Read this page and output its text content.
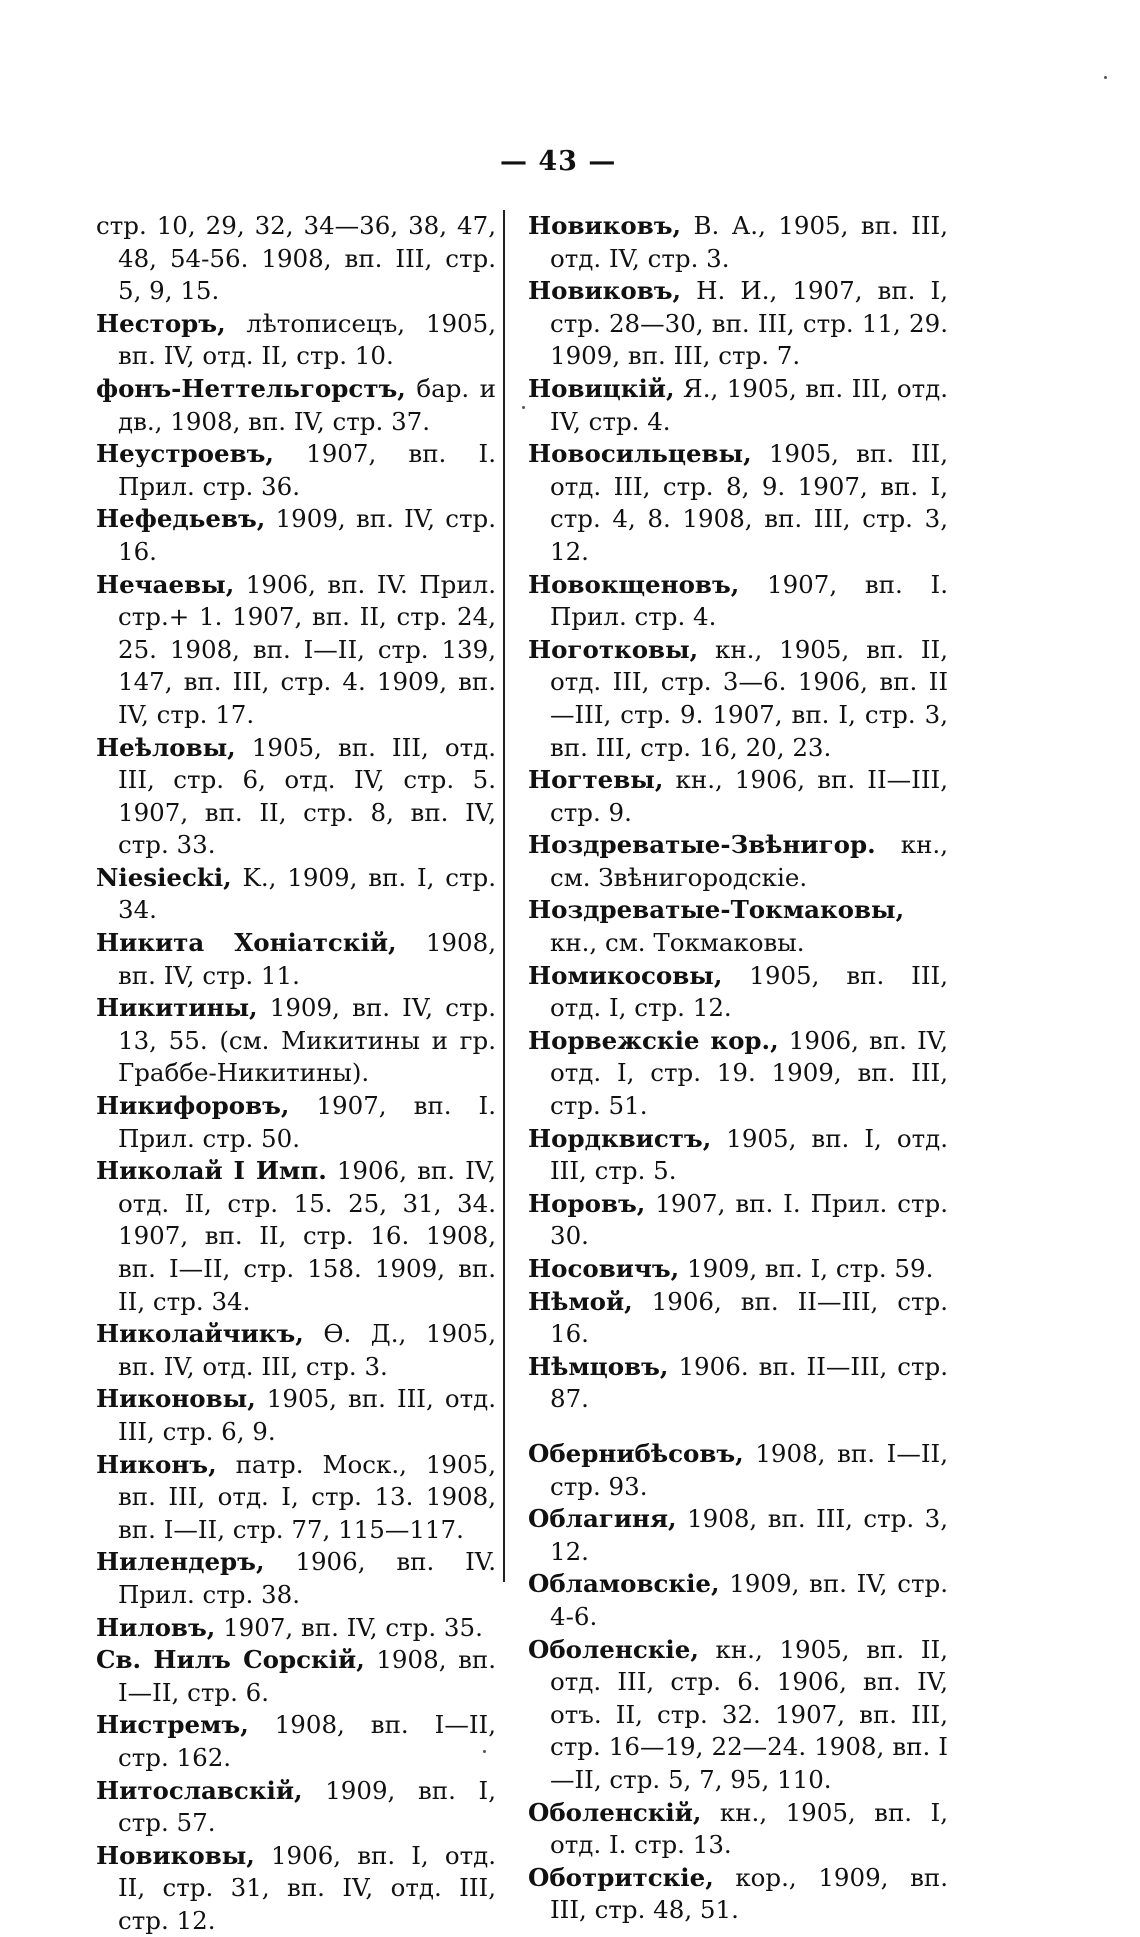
— 43 —

стр. 10, 29, 32, 34—36, 38, 47, 48, 54-56. 1908, вп. III, стр. 5, 9, 15.

Несторъ, лѣтописецъ, 1905, вп. IV, отд. II, стр. 10.

фонъ-Неттельгорстъ, бар. и дв., 1908, вп. IV, стр. 37.

Неустроевъ, 1907, вп. I. Прил. стр. 36.

Нефедьевъ, 1909, вп. IV, стр. 16.

Нечаевы, 1906, вп. IV. Прил. стр.+ 1. 1907, вп. II, стр. 24, 25. 1908, вп. I—II, стр. 139, 147, вп. III, стр. 4. 1909, вп. IV, стр. 17.

Неѣловы, 1905, вп. III, отд. III, стр. 6, отд. IV, стр. 5. 1907, вп. II, стр. 8, вп. IV, стр. 33.

Niesiecki, K., 1909, вп. I, стр. 34.

Никита Хоніатскій, 1908, вп. IV, стр. 11.

Никитины, 1909, вп. IV, стр. 13, 55. (см. Микитины и гр. Граббе-Никитины).

Никифоровъ, 1907, вп. I. Прил. стр. 50.

Николай I Имп. 1906, вп. IV, отд. II, стр. 15. 25, 31, 34. 1907, вп. II, стр. 16. 1908, вп. I—II, стр. 158. 1909, вп. II, стр. 34.

Николайчикъ, Ѳ. Д., 1905, вп. IV, отд. III, стр. 3.

Никоновы, 1905, вп. III, отд. III, стр. 6, 9.

Никонъ, патр. Моск., 1905, вп. III, отд. I, стр. 13. 1908, вп. I—II, стр. 77, 115—117.

Нилендеръ, 1906, вп. IV. Прил. стр. 38.

Ниловъ, 1907, вп. IV, стр. 35.

Св. Нилъ Сорскій, 1908, вп. I—II, стр. 6.

Нистремъ, 1908, вп. I—II, стр. 162.

Нитославскій, 1909, вп. I, стр. 57.

Новиковы, 1906, вп. I, отд. II, стр. 31, вп. IV, отд. III, стр. 12.

Новиковъ, В. А., 1905, вп. III, отд. IV, стр. 3.

Новиковъ, Н. И., 1907, вп. I, стр. 28—30, вп. III, стр. 11, 29. 1909, вп. III, стр. 7.

Новицкій, Я., 1905, вп. III, отд. IV, стр. 4.

Новосильцевы, 1905, вп. III, отд. III, стр. 8, 9. 1907, вп. I, стр. 4, 8. 1908, вп. III, стр. 3, 12.

Новокщеновъ, 1907, вп. I. Прил. стр. 4.

Ноготковы, кн., 1905, вп. II, отд. III, стр. 3—6. 1906, вп. II—III, стр. 9. 1907, вп. I, стр. 3, вп. III, стр. 16, 20, 23.

Ногтевы, кн., 1906, вп. II—III, стр. 9.

Ноздреватые-Звѣнигор. кн., см. Звѣнигородскіе.

Ноздреватые-Токмаковы, кн., см. Токмаковы.

Номикосовы, 1905, вп. III, отд. I, стр. 12.

Норвежскіе кор., 1906, вп. IV, отд. I, стр. 19. 1909, вп. III, стр. 51.

Нордквистъ, 1905, вп. I, отд. III, стр. 5.

Норовъ, 1907, вп. I. Прил. стр. 30.

Носовичъ, 1909, вп. I, стр. 59.

Нѣмой, 1906, вп. II—III, стр. 16.

Нѣмцовъ, 1906. вп. II—III, стр. 87.

Обернибѣсовъ, 1908, вп. I—II, стр. 93.

Облагиня, 1908, вп. III, стр. 3, 12.

Обламовскіе, 1909, вп. IV, стр. 4-6.

Оболенскіе, кн., 1905, вп. II, отд. III, стр. 6. 1906, вп. IV, отъ. II, стр. 32. 1907, вп. III, стр. 16—19, 22—24. 1908, вп. I—II, стр. 5, 7, 95, 110.

Оболенскій, кн., 1905, вп. I, отд. I. стр. 13.

Оботритскіе, кор., 1909, вп. III, стр. 48, 51.
